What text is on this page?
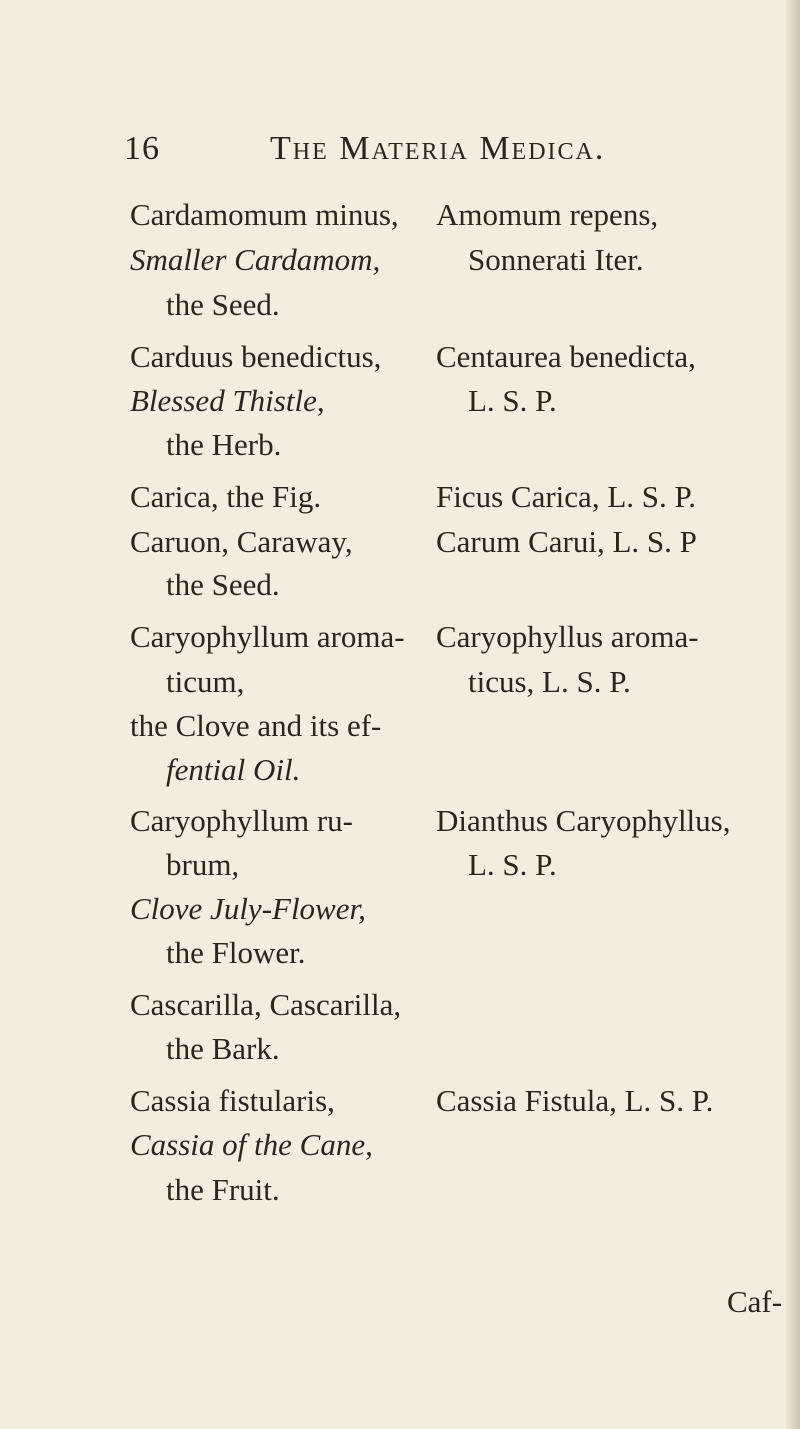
16	The Materia Medica.
Cardamomum minus,
Smaller Cardamom,
the Seed.
Amomum repens,
Sonnerati Iter.
Carduus benedictus,
Blessed Thistle,
the Herb.
Centaurea benedicta,
L. S. P.
Carica, the Fig.	Ficus Carica, L. S. P.
Caruon, Caraway,
the Seed.
Carum Carui, L. S. P
Caryophyllum aroma-
ticum,
the Clove and its ef-
fential Oil.
Caryophyllus aroma-
ticus, L. S. P.
Caryophyllum ru-
brum,
Clove July-Flower,
the Flower.
Dianthus Caryophyllus,
L. S. P.
Cascarilla, Cascarilla,
the Bark.
Cassia fistularis,
Cassia of the Cane,
the Fruit.
Cassia Fistula, L. S. P.
Caf-
